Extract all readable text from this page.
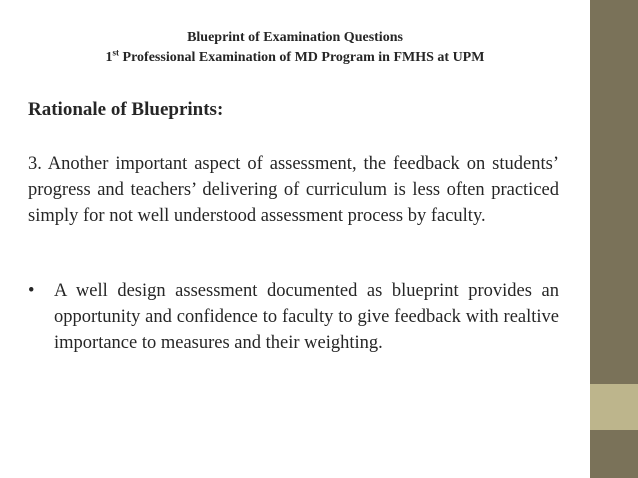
Blueprint of Examination Questions
1st Professional Examination of MD Program in FMHS at UPM
Rationale of Blueprints:
3. Another important aspect of assessment, the feedback on students’ progress and teachers’ delivering of curriculum is less often practiced simply for not well understood assessment process by faculty.
• A well design assessment documented as blueprint provides an opportunity and confidence to faculty to give feedback with realtive importance to measures and their weighting.
